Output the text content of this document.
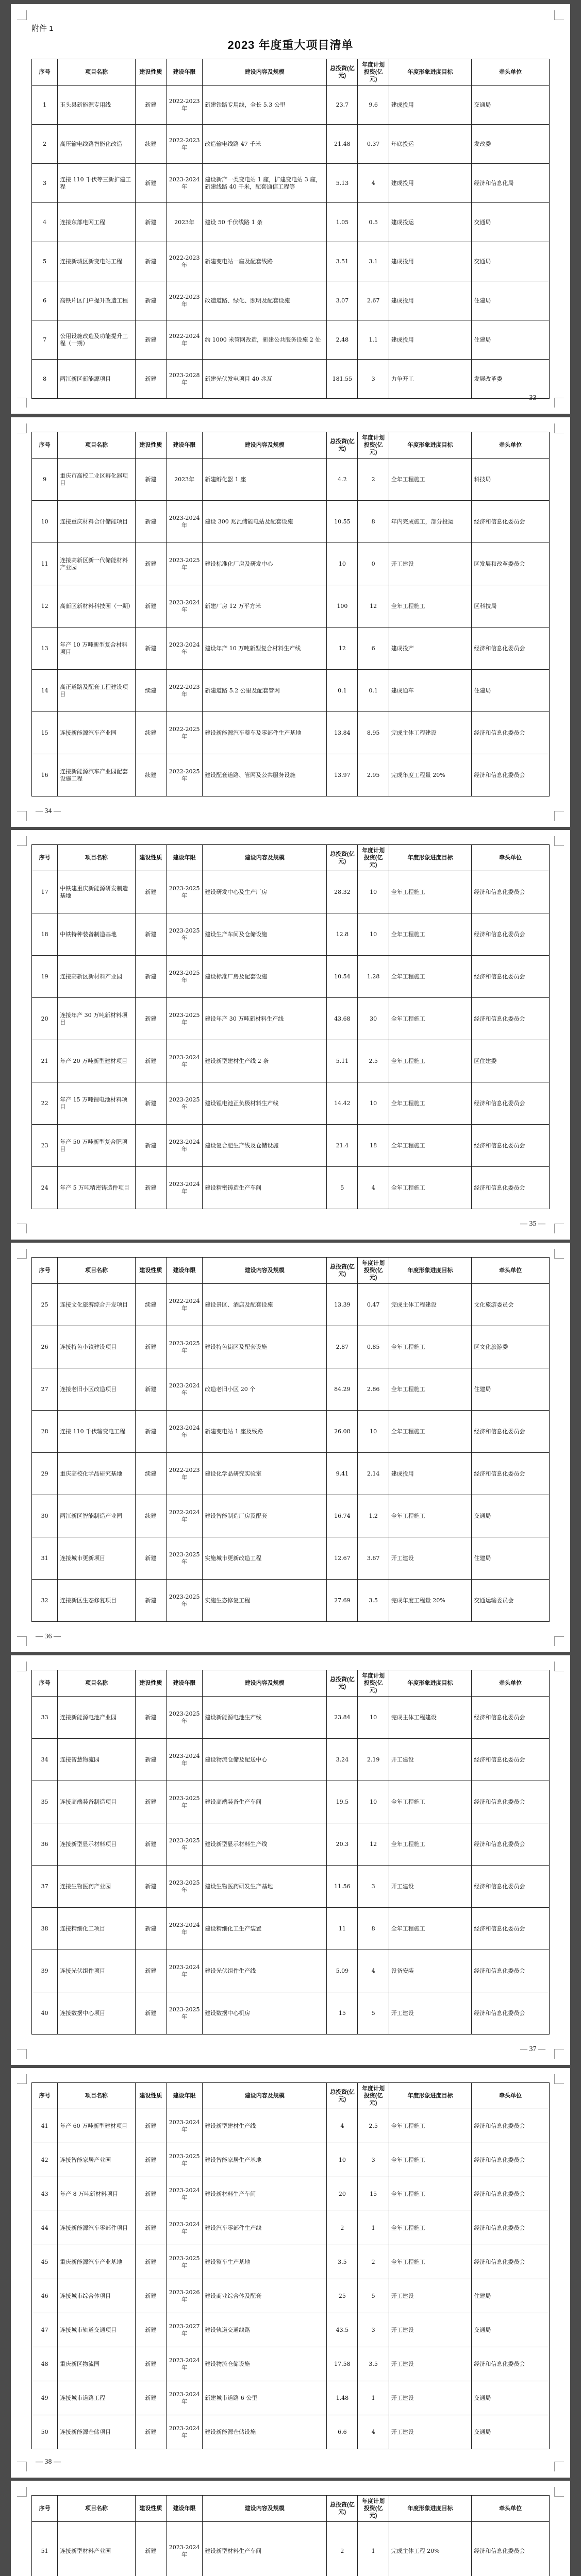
附件 1
2023 年度重大项目清单
序号	项目名称	建设性质	建设年限	建设内容及规模	总投资(亿元)	年度计划投资(亿元)	年度形象进度目标	牵头单位
1	玉头县新能源专用线	新建	2022-2023年	新建铁路专用线，全长 5.3 公里	23.7	9.6	建成投用	交通局
2	高压输电线路智能化改造	续建	2022-2023年	改造输电线路 47 千米	21.48	0.37	年底投运	发改委
3	连接 110 千伏等三新扩建工程	新建	2023-2024年	建设新产一类变电站 1 座，扩建变电站 3 座，新建线路 40 千米，配套通信工程等	5.13	4	建成投用	经济和信息化局
4	连接东部电网工程	新建	2023年	建设 50 千伏线路 1 条	1.05	0.5	建成投运	交通局
5	连接新城区新变电站工程	新建	2022-2023年	新建变电站一座及配套线路	3.51	3.1	建成投用	交通局
6	高铁片区门户提升改造工程	新建	2022-2023年	改造道路、绿化、照明及配套设施	3.07	2.67	建成投用	住建局
7	公用设施改造及功能提升工程（一期）	新建	2022-2024年	约 1000 米管网改造，新建公共服务设施 2 处	2.48	1.1	建成投用	住建局
8	两江新区新能源项目	新建	2023-2028年	新建光伏发电项目 40 兆瓦	181.55	3	力争开工	发展改革委
— 33 —
序号	项目名称	建设性质	建设年限	建设内容及规模	总投资(亿元)	年度计划投资(亿元)	年度形象进度目标	牵头单位
9	重庆市高校工业区孵化器项目	新建	2023年	新建孵化器 1 座	4.2	2	全年工程施工	科技局
10	连接重庆材料合计储能项目	新建	2023-2024年	建设 300 兆瓦储能电站及配套设施	10.55	8	年内完成施工，部分投运	经济和信息化委员会
11	连接高新区新一代储能材料产业园	新建	2023-2025年	建设标准化厂房及研发中心	10	0	开工建设	区发展和改革委员会
12	高新区新材料科技园（一期）	新建	2023-2024年	新建厂房 12 万平方米	100	12	全年工程施工	区科技局
13	年产 10 万吨新型复合材料项目	新建	2023-2024年	建设年产 10 万吨新型复合材料生产线	12	6	建成投产	经济和信息化委员会
14	高正道路及配套工程建设项目	续建	2022-2023年	新建道路 5.2 公里及配套管网	0.1	0.1	建成通车	住建局
15	连接新能源汽车产业园	续建	2022-2025年	建设新能源汽车整车及零部件生产基地	13.84	8.95	完成主体工程建设	经济和信息化委员会
16	连接新能源汽车产业园配套设施工程	续建	2022-2025年	建设配套道路、管网及公共服务设施	13.97	2.95	完成年度工程量 20%	经济和信息化委员会
— 34 —
序号	项目名称	建设性质	建设年限	建设内容及规模	总投资(亿元)	年度计划投资(亿元)	年度形象进度目标	牵头单位
17	中铁建重庆新能源研发制造基地	新建	2023-2025年	建设研发中心及生产厂房	28.32	10	全年工程施工	经济和信息化委员会
18	中铁特种装备制造基地	新建	2023-2025年	建设生产车间及仓储设施	12.8	10	全年工程施工	经济和信息化委员会
19	连接高新区新材料产业园	新建	2023-2025年	建设标准厂房及配套设施	10.54	1.28	全年工程施工	经济和信息化委员会
20	连接年产 30 万吨新材料项目	新建	2023-2025年	建设年产 30 万吨新材料生产线	43.68	30	全年工程施工	经济和信息化委员会
21	年产 20 万吨新型建材项目	新建	2023-2024年	建设新型建材生产线 2 条	5.11	2.5	全年工程施工	区住建委
22	年产 15 万吨锂电池材料项目	新建	2023-2025年	建设锂电池正负极材料生产线	14.42	10	全年工程施工	经济和信息化委员会
23	年产 50 万吨新型复合肥项目	新建	2023-2024年	建设复合肥生产线及仓储设施	21.4	18	全年工程施工	经济和信息化委员会
24	年产 5 万吨精密铸造件项目	新建	2023-2024年	建设精密铸造生产车间	5	4	全年工程施工	经济和信息化委员会
— 35 —
序号	项目名称	建设性质	建设年限	建设内容及规模	总投资(亿元)	年度计划投资(亿元)	年度形象进度目标	牵头单位
25	连接文化旅游综合开发项目	续建	2022-2024年	建设景区、酒店及配套设施	13.39	0.47	完成主体工程建设	文化旅游委员会
26	连接特色小镇建设项目	新建	2023-2025年	建设特色街区及配套设施	2.87	0.85	全年工程施工	区文化旅游委
27	连接老旧小区改造项目	新建	2023-2024年	改造老旧小区 20 个	84.29	2.86	全年工程施工	住建局
28	连接 110 千伏输变电工程	新建	2023-2024年	新建变电站 1 座及线路	26.08	10	全年工程施工	经济和信息化委员会
29	重庆高校化学品研究基地	续建	2022-2023年	建设化学品研究实验室	9.41	2.14	建成投用	经济和信息化委员会
30	两江新区智能制造产业园	续建	2022-2024年	建设智能制造厂房及配套	16.74	1.2	全年工程施工	交通局
31	连接城市更新项目	新建	2023-2025年	实施城市更新改造工程	12.67	3.67	开工建设	住建局
32	连接新区生态修复项目	新建	2023-2025年	实施生态修复工程	27.69	3.5	完成年度工程量 20%	交通运输委员会
— 36 —
序号	项目名称	建设性质	建设年限	建设内容及规模	总投资(亿元)	年度计划投资(亿元)	年度形象进度目标	牵头单位
33	连接新能源电池产业园	新建	2023-2025年	建设新能源电池生产线	23.84	10	完成主体工程建设	经济和信息化委员会
34	连接智慧物流园	新建	2023-2024年	建设物流仓储及配送中心	3.24	2.19	开工建设	经济和信息化委员会
35	连接高端装备制造项目	新建	2023-2025年	建设高端装备生产车间	19.5	10	全年工程施工	经济和信息化委员会
36	连接新型显示材料项目	新建	2023-2025年	建设新型显示材料生产线	20.3	12	全年工程施工	经济和信息化委员会
37	连接生物医药产业园	新建	2023-2025年	建设生物医药研发生产基地	11.56	3	开工建设	经济和信息化委员会
38	连接精细化工项目	新建	2023-2024年	建设精细化工生产装置	11	8	全年工程施工	经济和信息化委员会
39	连接光伏组件项目	新建	2023-2024年	建设光伏组件生产线	5.09	4	设备安装	经济和信息化委员会
40	连接数据中心项目	新建	2023-2025年	建设数据中心机房	15	5	开工建设	经济和信息化委员会
— 37 —
序号	项目名称	建设性质	建设年限	建设内容及规模	总投资(亿元)	年度计划投资(亿元)	年度形象进度目标	牵头单位
41	年产 60 万吨新型建材项目	新建	2023-2024年	建设新型建材生产线	4	2.5	全年工程施工	经济和信息化委员会
42	连接智能家居产业园	新建	2023-2025年	建设智能家居生产基地	10	3	全年工程施工	经济和信息化委员会
43	年产 8 万吨新材料项目	新建	2023-2024年	建设新材料生产车间	20	15	全年工程施工	经济和信息化委员会
44	连接新能源汽车零部件项目	新建	2023-2024年	建设汽车零部件生产线	2	1	全年工程施工	经济和信息化委员会
45	重庆新能源汽车产业基地	新建	2023-2025年	建设整车生产基地	3.5	2	全年工程施工	经济和信息化委员会
46	连接城市综合体项目	新建	2023-2026年	建设商业综合体及配套	25	5	开工建设	住建局
47	连接城市轨道交通项目	新建	2023-2027年	建设轨道交通线路	43.5	3	开工建设	交通局
48	重庆新区物流园	新建	2023-2024年	建设物流仓储设施	17.58	3.5	开工建设	经济和信息化委员会
49	连接城市道路工程	新建	2023-2024年	新建城市道路 6 公里	1.48	1	开工建设	交通局
50	连接新能源仓储项目	新建	2023-2024年	建设新能源仓储设施	6.6	4	开工建设	交通局
— 38 —
序号	项目名称	建设性质	建设年限	建设内容及规模	总投资(亿元)	年度计划投资(亿元)	年度形象进度目标	牵头单位
51	连接新型材料产业园	新建	2023-2024年	建设新型材料生产车间	2	1	完成主体工程 20%	经济和信息化委员会
